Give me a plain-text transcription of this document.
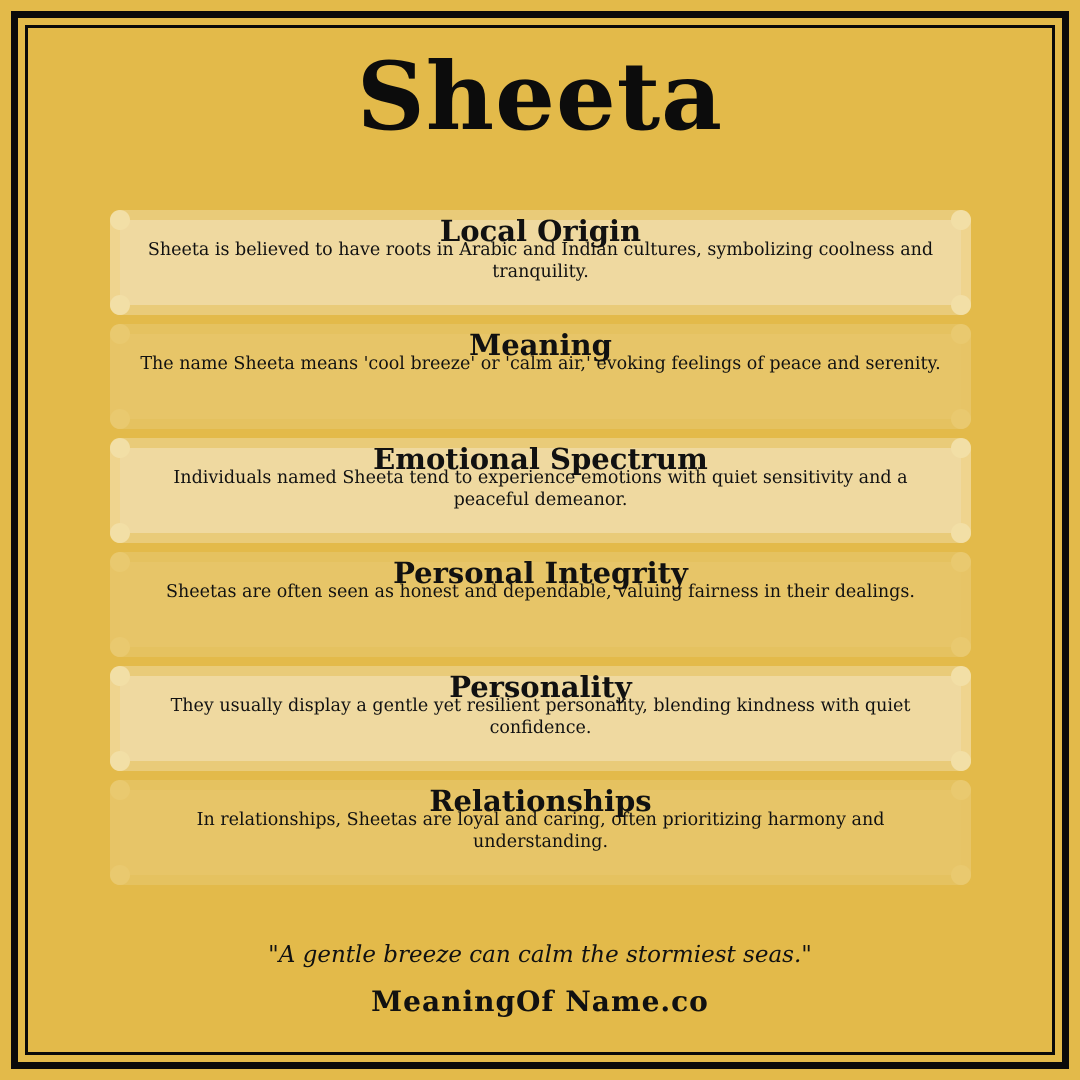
Sheeta
Local Origin
Sheeta is believed to have roots in Arabic and Indian cultures, symbolizing coolness and tranquility.
Meaning
The name Sheeta means 'cool breeze' or 'calm air,' evoking feelings of peace and serenity.
Emotional Spectrum
Individuals named Sheeta tend to experience emotions with quiet sensitivity and a peaceful demeanor.
Personal Integrity
Sheetas are often seen as honest and dependable, valuing fairness in their dealings.
Personality
They usually display a gentle yet resilient personality, blending kindness with quiet confidence.
Relationships
In relationships, Sheetas are loyal and caring, often prioritizing harmony and understanding.
"A gentle breeze can calm the stormiest seas."
MeaningOf Name.co
